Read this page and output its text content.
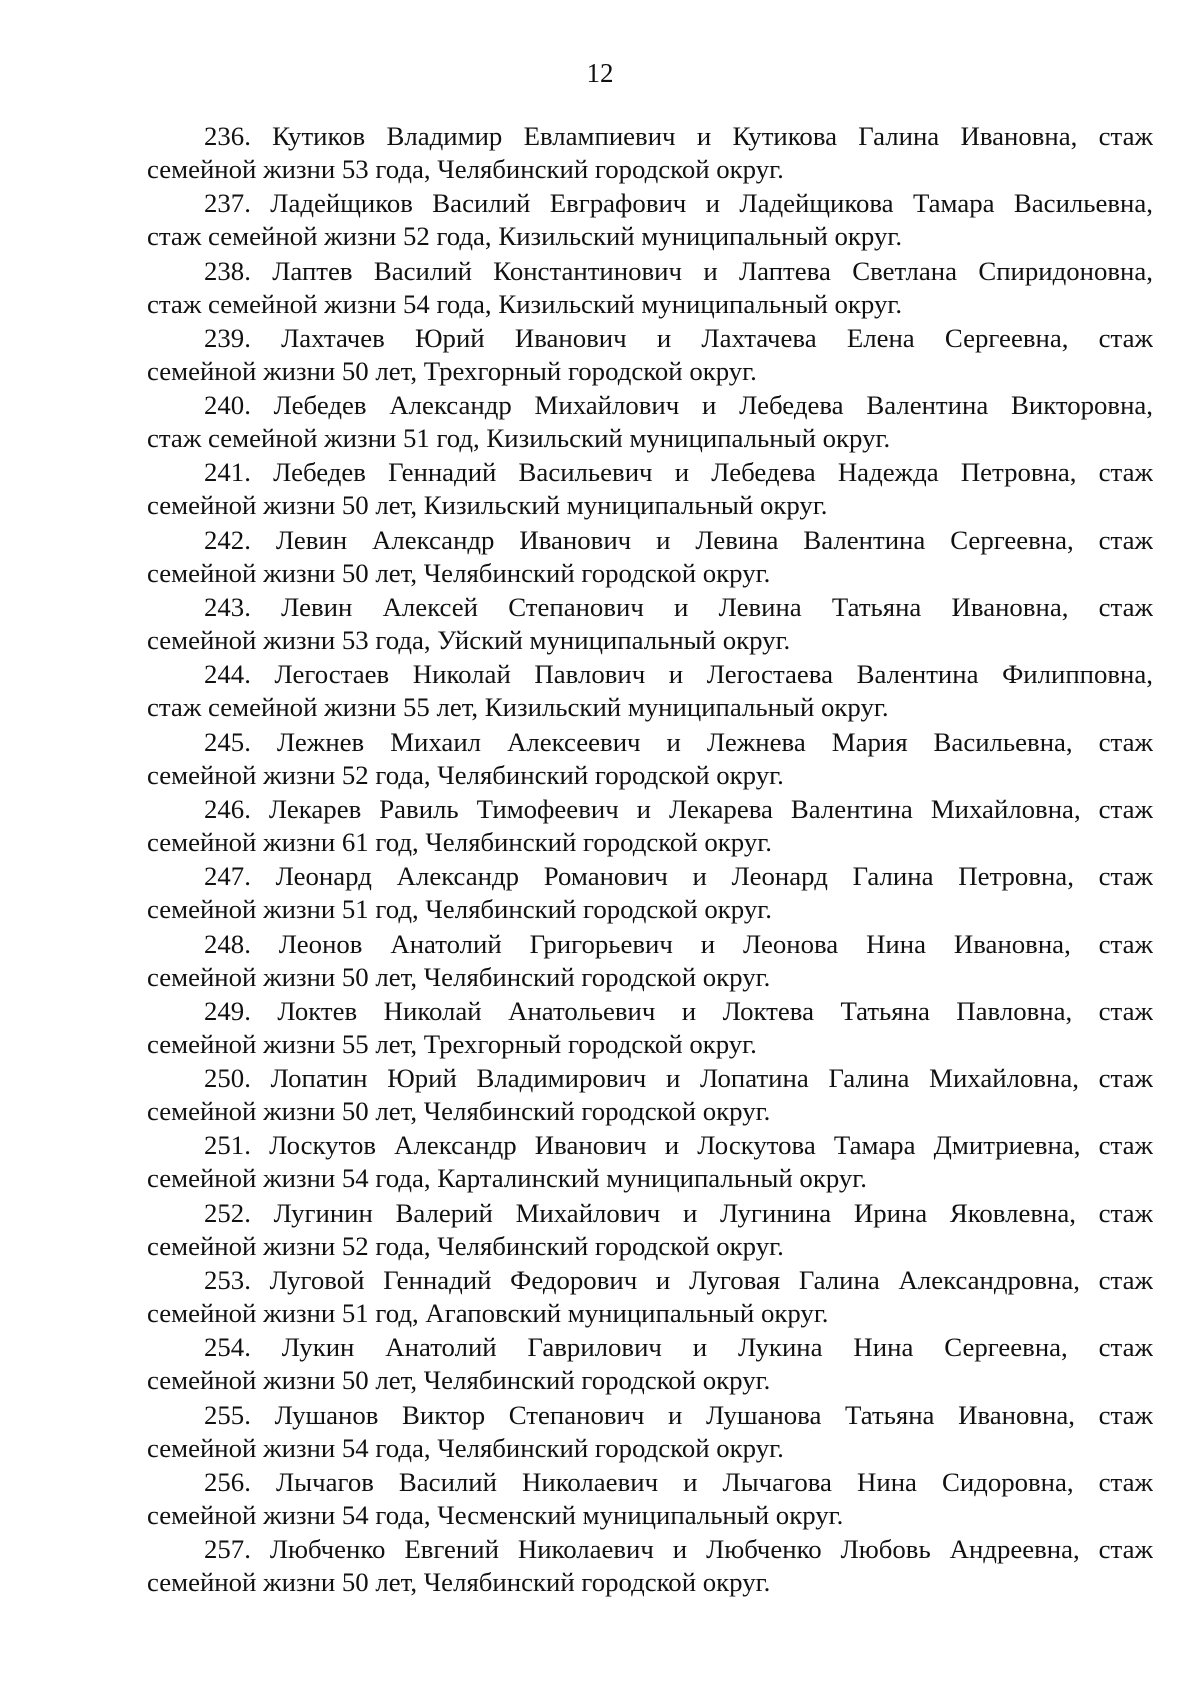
12

236. Кутиков Владимир Евлампиевич и Кутикова Галина Ивановна, стаж
семейной жизни 53 года, Челябинский городской округ.

237. Ладейщиков Василий Евграфович и Ладейщикова Тамара Васильевна,
стаж семейной жизни 52 года, Кизильский муниципальный округ.

238. Лаптев Василий Константинович и Лаптева Светлана Спиридоновна,
стаж семейной жизни 54 года, Кизильский муниципальный округ.

239. Лахтачев Юрий Иванович и Лахтачева Елена Сергеевна, стаж
семейной жизни 50 лет, Трехгорный городской округ.

240. Лебедев Александр Михайлович и Лебедева Валентина Викторовна,
стаж семейной жизни 51 год, Кизильский муниципальный округ.

241. Лебедев Геннадий Васильевич и Лебедева Надежда Петровна, стаж
семейной жизни 50 лет, Кизильский муниципальный округ.

242. Левин Александр Иванович и Левина Валентина Сергеевна, стаж
семейной жизни 50 лет, Челябинский городской округ.

243. Левин Алексей Степанович и Левина Татьяна Ивановна, стаж
семейной жизни 53 года, Уйский муниципальный округ.

244. Легостаев Николай Павлович и Легостаева Валентина Филипповна,
стаж семейной жизни 55 лет, Кизильский муниципальный округ.

245. Лежнев Михаил Алексеевич и Лежнева Мария Васильевна, стаж
семейной жизни 52 года, Челябинский городской округ.

246. Лекарев Равиль Тимофеевич и Лекарева Валентина Михайловна, стаж
семейной жизни 61 год, Челябинский городской округ.

247. Леонард Александр Романович и Леонард Галина Петровна, стаж
семейной жизни 51 год, Челябинский городской округ.

248. Леонов Анатолий Григорьевич и Леонова Нина Ивановна, стаж
семейной жизни 50 лет, Челябинский городской округ.

249. Локтев Николай Анатольевич и Локтева Татьяна Павловна, стаж
семейной жизни 55 лет, Трехгорный городской округ.

250. Лопатин Юрий Владимирович и Лопатина Галина Михайловна, стаж
семейной жизни 50 лет, Челябинский городской округ.

251. Лоскутов Александр Иванович и Лоскутова Тамара Дмитриевна, стаж
семейной жизни 54 года, Карталинский муниципальный округ.

252. Лугинин Валерий Михайлович и Лугинина Ирина Яковлевна, стаж
семейной жизни 52 года, Челябинский городской округ.

253. Луговой Геннадий Федорович и Луговая Галина Александровна, стаж
семейной жизни 51 год, Агаповский муниципальный округ.

254. Лукин Анатолий Гаврилович и Лукина Нина Сергеевна, стаж
семейной жизни 50 лет, Челябинский городской округ.

255. Лушанов Виктор Степанович и Лушанова Татьяна Ивановна, стаж
семейной жизни 54 года, Челябинский городской округ.

256. Лычагов Василий Николаевич и Лычагова Нина Сидоровна, стаж
семейной жизни 54 года, Чесменский муниципальный округ.

257. Любченко Евгений Николаевич и Любченко Любовь Андреевна, стаж
семейной жизни 50 лет, Челябинский городской округ.
